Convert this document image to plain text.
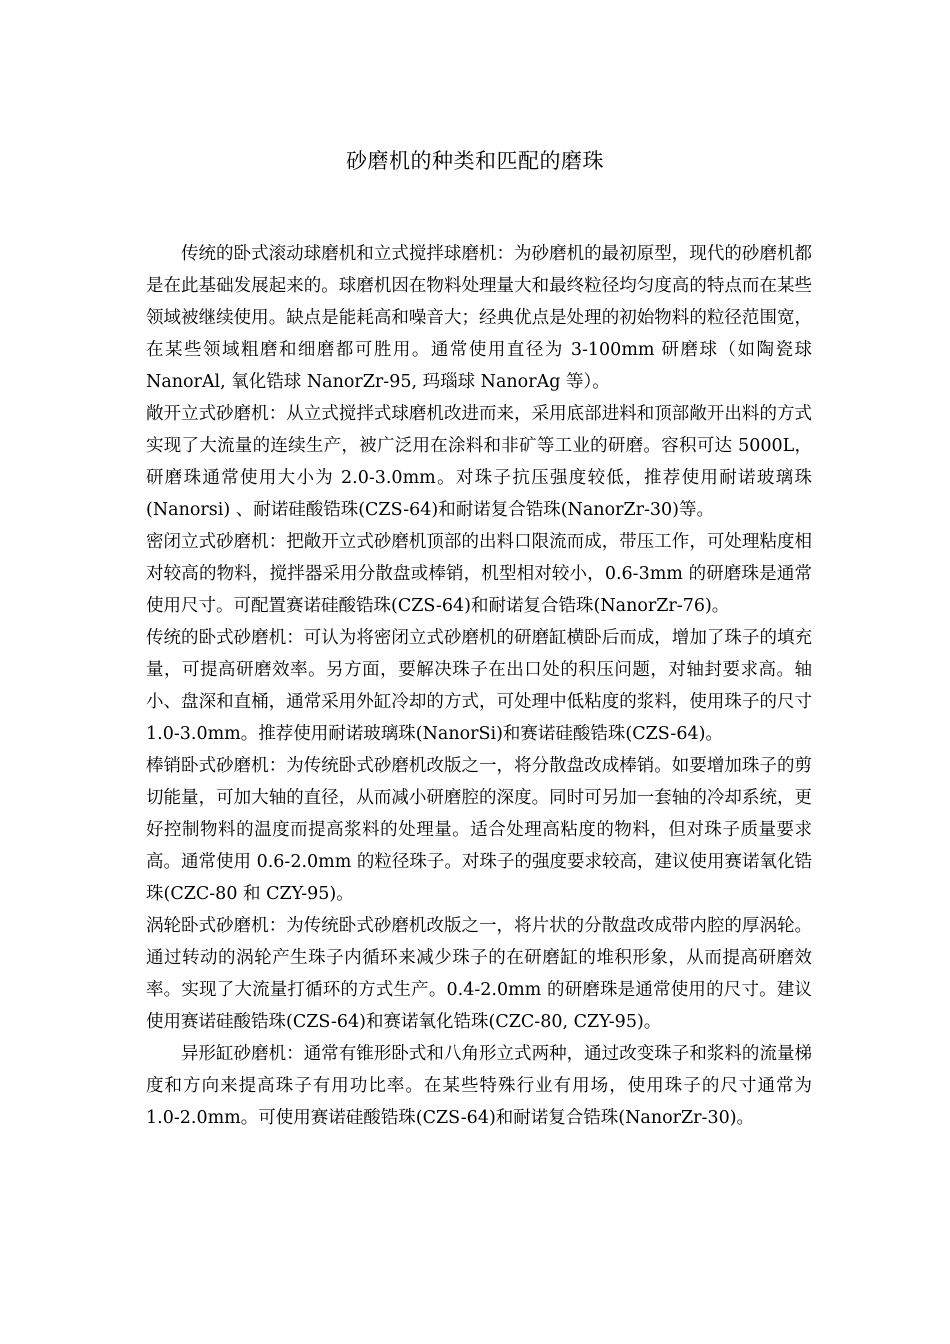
砂磨机的种类和匹配的磨珠

传统的卧式滚动球磨机和立式搅拌球磨机：为砂磨机的最初原型，现代的砂磨机都是在此基础发展起来的。球磨机因在物料处理量大和最终粒径均匀度高的特点而在某些领域被继续使用。缺点是能耗高和噪音大；经典优点是处理的初始物料的粒径范围宽，在某些领域粗磨和细磨都可胜用。通常使用直径为 3-100mm 研磨球（如陶瓷球 NanorAl, 氧化锆球 NanorZr-95, 玛瑙球 NanorAg 等）。

敞开立式砂磨机：从立式搅拌式球磨机改进而来，采用底部进料和顶部敞开出料的方式实现了大流量的连续生产，被广泛用在涂料和非矿等工业的研磨。容积可达 5000L，研磨珠通常使用大小为 2.0-3.0mm。对珠子抗压强度较低，推荐使用耐诺玻璃珠(Nanorsi) 、耐诺硅酸锆珠(CZS-64)和耐诺复合锆珠(NanorZr-30)等。

密闭立式砂磨机：把敞开立式砂磨机顶部的出料口限流而成，带压工作，可处理粘度相对较高的物料，搅拌器采用分散盘或棒销，机型相对较小，0.6-3mm 的研磨珠是通常使用尺寸。可配置赛诺硅酸锆珠(CZS-64)和耐诺复合锆珠(NanorZr-76)。

传统的卧式砂磨机：可认为将密闭立式砂磨机的研磨缸横卧后而成，增加了珠子的填充量，可提高研磨效率。另方面，要解决珠子在出口处的积压问题，对轴封要求高。轴小、盘深和直桶，通常采用外缸冷却的方式，可处理中低粘度的浆料，使用珠子的尺寸 1.0-3.0mm。推荐使用耐诺玻璃珠(NanorSi)和赛诺硅酸锆珠(CZS-64)。

棒销卧式砂磨机：为传统卧式砂磨机改版之一，将分散盘改成棒销。如要增加珠子的剪切能量，可加大轴的直径，从而减小研磨腔的深度。同时可另加一套轴的冷却系统，更好控制物料的温度而提高浆料的处理量。适合处理高粘度的物料，但对珠子质量要求高。通常使用 0.6-2.0mm 的粒径珠子。对珠子的强度要求较高，建议使用赛诺氧化锆珠(CZC-80 和 CZY-95)。

涡轮卧式砂磨机：为传统卧式砂磨机改版之一，将片状的分散盘改成带内腔的厚涡轮。通过转动的涡轮产生珠子内循环来减少珠子的在研磨缸的堆积形象，从而提高研磨效率。实现了大流量打循环的方式生产。0.4-2.0mm 的研磨珠是通常使用的尺寸。建议使用赛诺硅酸锆珠(CZS-64)和赛诺氧化锆珠(CZC-80, CZY-95)。

异形缸砂磨机：通常有锥形卧式和八角形立式两种，通过改变珠子和浆料的流量梯度和方向来提高珠子有用功比率。在某些特殊行业有用场，使用珠子的尺寸通常为 1.0-2.0mm。可使用赛诺硅酸锆珠(CZS-64)和耐诺复合锆珠(NanorZr-30)。
